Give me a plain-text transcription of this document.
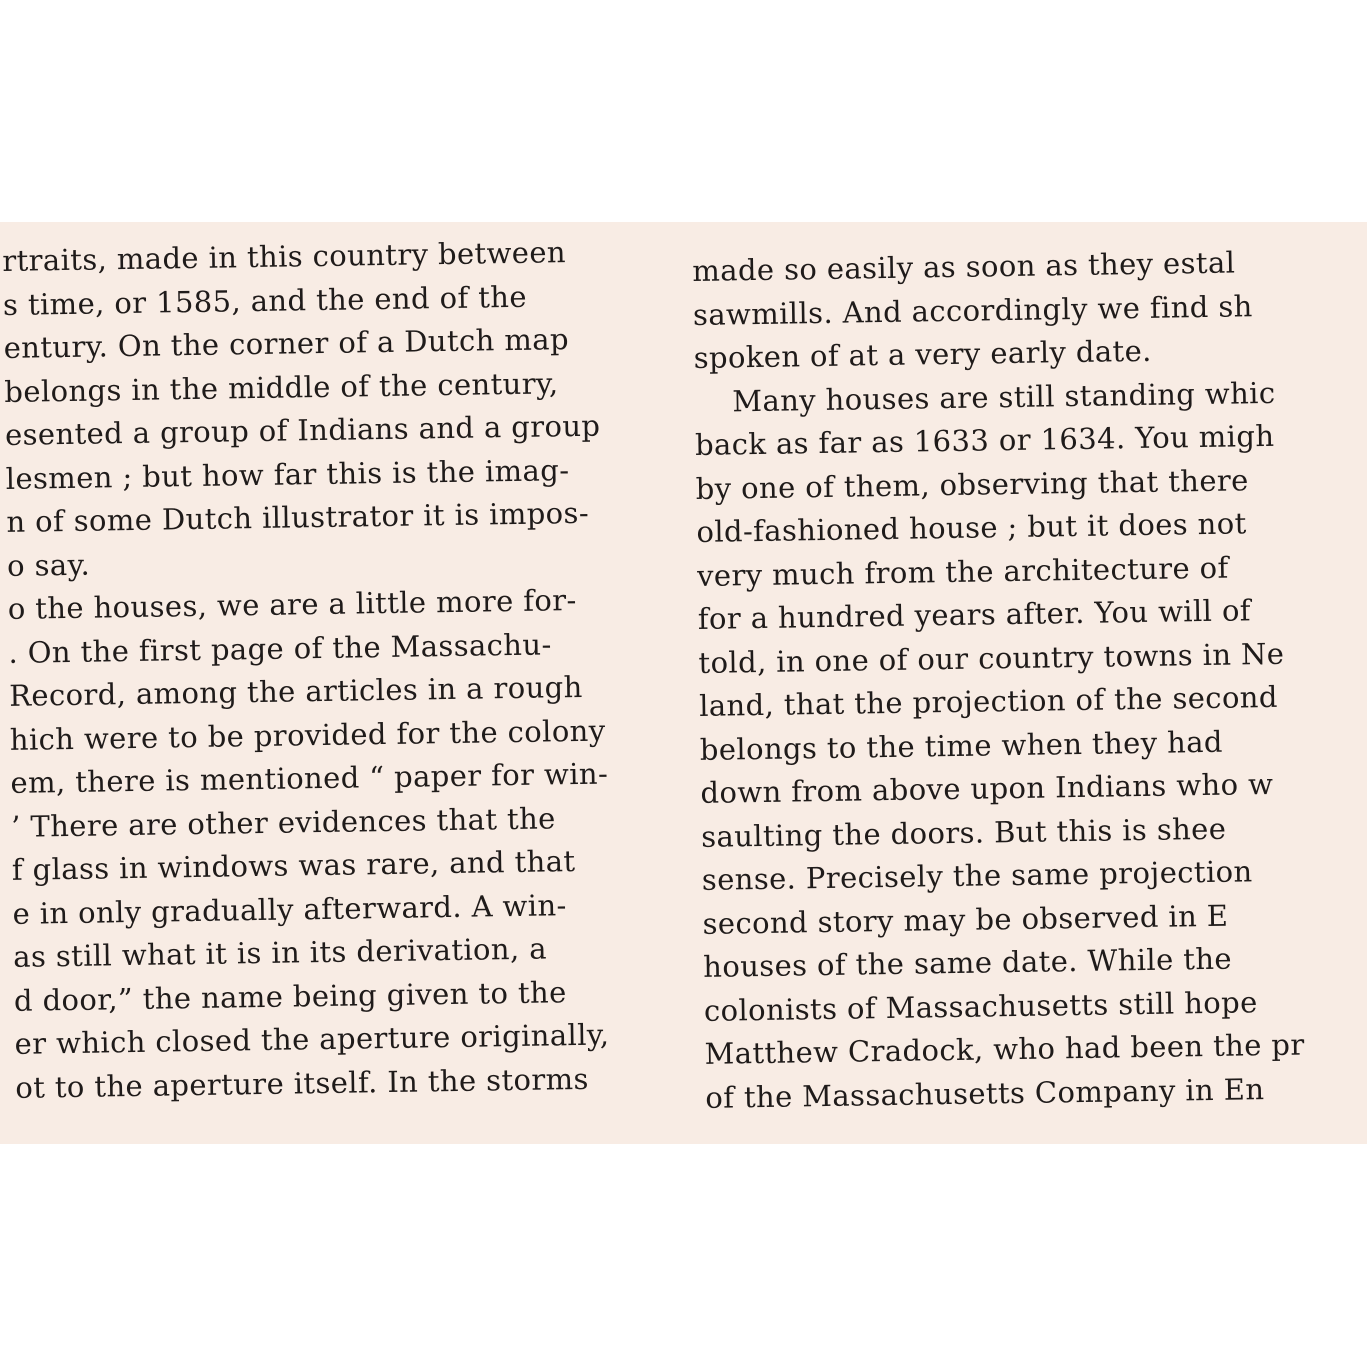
rtraits, made in this country between
s time, or 1585, and the end of the
entury. On the corner of a Dutch map
belongs in the middle of the century,
esented a group of Indians and a group
lesmen ; but how far this is the imag-
n of some Dutch illustrator it is impos-
o say.
o the houses, we are a little more for-
. On the first page of the Massachu-
Record, among the articles in a rough
hich were to be provided for the colony
em, there is mentioned “ paper for win-
’ There are other evidences that the
f glass in windows was rare, and that
e in only gradually afterward. A win-
as still what it is in its derivation, a
d door,” the name being given to the
er which closed the aperture originally,
ot to the aperture itself. In the storms
made so easily as soon as they estal
sawmills. And accordingly we find sh
spoken of at a very early date.
Many houses are still standing whic
back as far as 1633 or 1634. You migh
by one of them, observing that there
old-fashioned house ; but it does not
very much from the architecture of
for a hundred years after. You will of
told, in one of our country towns in Ne
land, that the projection of the second
belongs to the time when they had
down from above upon Indians who w
saulting the doors. But this is shee
sense. Precisely the same projection
second story may be observed in E
houses of the same date. While the
colonists of Massachusetts still hope
Matthew Cradock, who had been the pr
of the Massachusetts Company in En
